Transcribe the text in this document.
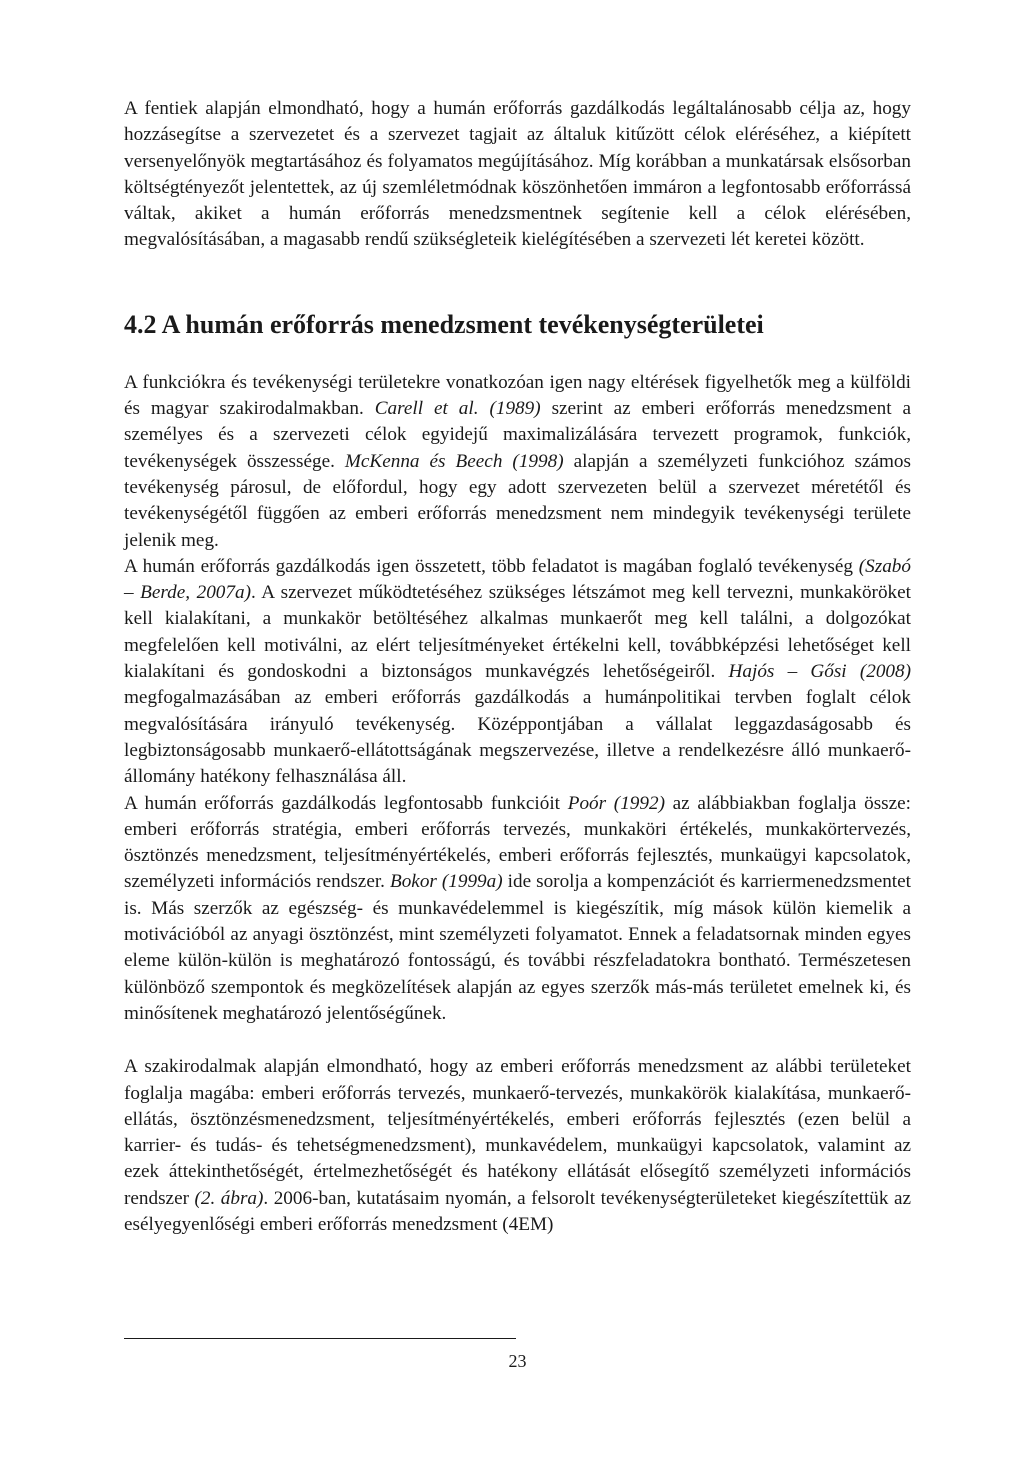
A fentiek alapján elmondható, hogy a humán erőforrás gazdálkodás legáltalánosabb célja az, hogy hozzásegítse a szervezetet és a szervezet tagjait az általuk kitűzött célok eléréséhez, a kiépített versenyelőnyök megtartásához és folyamatos megújításához. Míg korábban a munkatársak elsősorban költségtényezőt jelentettek, az új szemléletmódnak köszönhetően immáron a legfontosabb erőforrássá váltak, akiket a humán erőforrás menedzsmentnek segítenie kell a célok elérésében, megvalósításában, a magasabb rendű szükségleteik kielégítésében a szervezeti lét keretei között.

4.2 A humán erőforrás menedzsment tevékenységterületei

A funkciókra és tevékenységi területekre vonatkozóan igen nagy eltérések figyelhetők meg a külföldi és magyar szakirodalmakban. Carell et al. (1989) szerint az emberi erőforrás menedzsment a személyes és a szervezeti célok egyidejű maximalizálására tervezett programok, funkciók, tevékenységek összessége. McKenna és Beech (1998) alapján a személyzeti funkcióhoz számos tevékenység párosul, de előfordul, hogy egy adott szervezeten belül a szervezet méretétől és tevékenységétől függően az emberi erőforrás menedzsment nem mindegyik tevékenységi területe jelenik meg.

A humán erőforrás gazdálkodás igen összetett, több feladatot is magában foglaló tevékenység (Szabó – Berde, 2007a). A szervezet működtetéséhez szükséges létszámot meg kell tervezni, munkaköröket kell kialakítani, a munkakör betöltéséhez alkalmas munkaerőt meg kell találni, a dolgozókat megfelelően kell motiválni, az elért teljesítményeket értékelni kell, továbbképzési lehetőséget kell kialakítani és gondoskodni a biztonságos munkavégzés lehetőségeiről. Hajós – Gősi (2008) megfogalmazásában az emberi erőforrás gazdálkodás a humánpolitikai tervben foglalt célok megvalósítására irányuló tevékenység. Középpontjában a vállalat leggazdaságosabb és legbiztonságosabb munkaerő-ellátottságának megszervezése, illetve a rendelkezésre álló munkaerő-állomány hatékony felhasználása áll.

A humán erőforrás gazdálkodás legfontosabb funkcióit Poór (1992) az alábbiakban foglalja össze: emberi erőforrás stratégia, emberi erőforrás tervezés, munkaköri értékelés, munkakörtervezés, ösztönzés menedzsment, teljesítményértékelés, emberi erőforrás fejlesztés, munkaügyi kapcsolatok, személyzeti információs rendszer. Bokor (1999a) ide sorolja a kompenzációt és karriermenedzsmentet is. Más szerzők az egészség- és munkavédelemmel is kiegészítik, míg mások külön kiemelik a motivációból az anyagi ösztönzést, mint személyzeti folyamatot. Ennek a feladatsornak minden egyes eleme külön-külön is meghatározó fontosságú, és további részfeladatokra bontható. Természetesen különböző szempontok és megközelítések alapján az egyes szerzők más-más területet emelnek ki, és minősítenek meghatározó jelentőségűnek.

A szakirodalmak alapján elmondható, hogy az emberi erőforrás menedzsment az alábbi területeket foglalja magába: emberi erőforrás tervezés, munkaerő-tervezés, munkakörök kialakítása, munkaerő-ellátás, ösztönzésmenedzsment, teljesítményértékelés, emberi erőforrás fejlesztés (ezen belül a karrier- és tudás- és tehetségmenedzsment), munkavédelem, munkaügyi kapcsolatok, valamint az ezek áttekinthetőségét, értelmezhetőségét és hatékony ellátását elősegítő személyzeti információs rendszer (2. ábra). 2006-ban, kutatásaim nyomán, a felsorolt tevékenységterületeket kiegészítettük az esélyegyenlőségi emberi erőforrás menedzsment (4EM)

23
